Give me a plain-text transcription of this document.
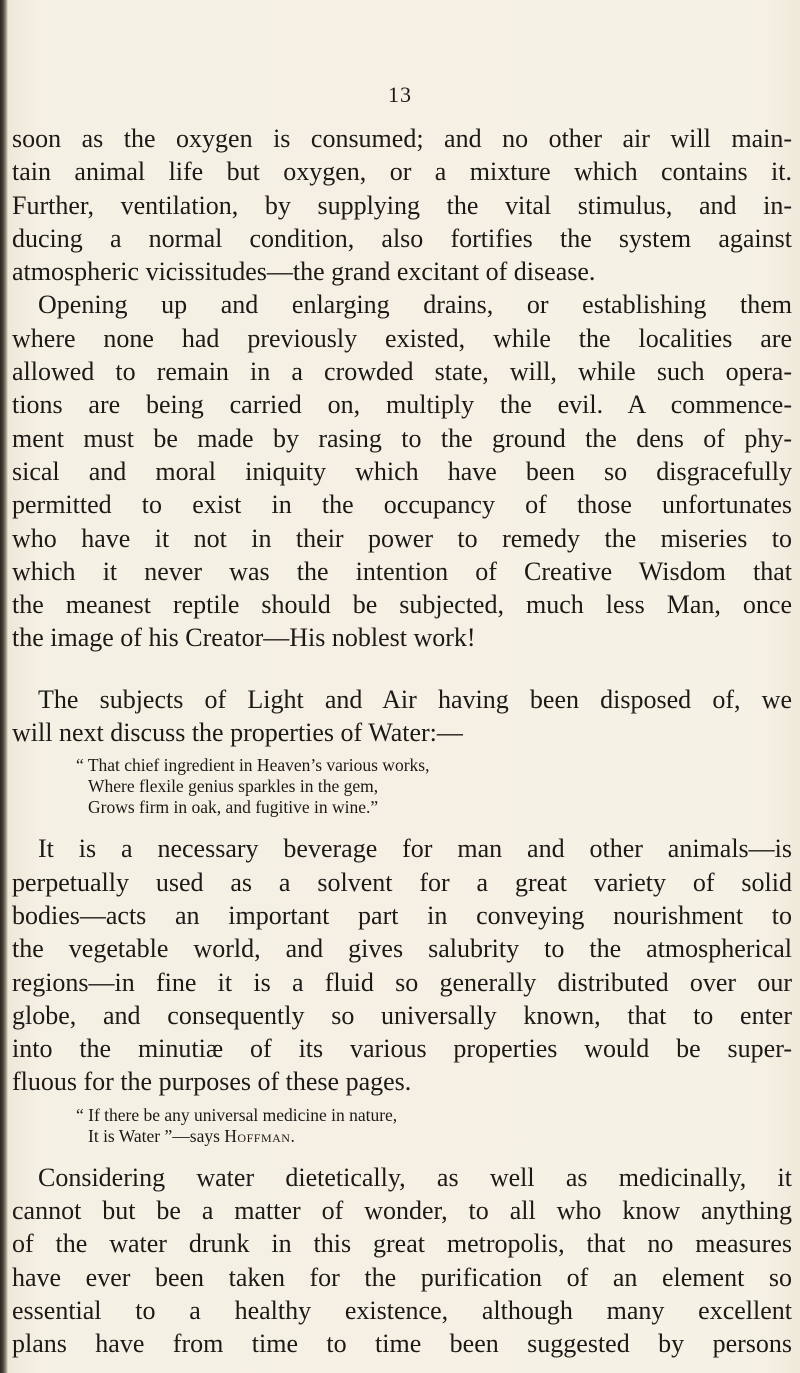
13
soon as the oxygen is consumed; and no other air will main-
tain animal life but oxygen, or a mixture which contains it.
Further, ventilation, by supplying the vital stimulus, and in-
ducing a normal condition, also fortifies the system against
atmospheric vicissitudes—the grand excitant of disease.
Opening up and enlarging drains, or establishing them
where none had previously existed, while the localities are
allowed to remain in a crowded state, will, while such opera-
tions are being carried on, multiply the evil. A commence-
ment must be made by rasing to the ground the dens of phy-
sical and moral iniquity which have been so disgracefully
permitted to exist in the occupancy of those unfortunates
who have it not in their power to remedy the miseries to
which it never was the intention of Creative Wisdom that
the meanest reptile should be subjected, much less Man, once
the image of his Creator—His noblest work!
The subjects of Light and Air having been disposed of, we
will next discuss the properties of Water:—
“ That chief ingredient in Heaven’s various works,
Where flexile genius sparkles in the gem,
Grows firm in oak, and fugitive in wine.”
It is a necessary beverage for man and other animals—is
perpetually used as a solvent for a great variety of solid
bodies—acts an important part in conveying nourishment to
the vegetable world, and gives salubrity to the atmospherical
regions—in fine it is a fluid so generally distributed over our
globe, and consequently so universally known, that to enter
into the minutiæ of its various properties would be super-
fluous for the purposes of these pages.
“ If there be any universal medicine in nature,
It is Water ”—says Hoffman.
Considering water dietetically, as well as medicinally, it
cannot but be a matter of wonder, to all who know anything
of the water drunk in this great metropolis, that no measures
have ever been taken for the purification of an element so
essential to a healthy existence, although many excellent
plans have from time to time been suggested by persons
